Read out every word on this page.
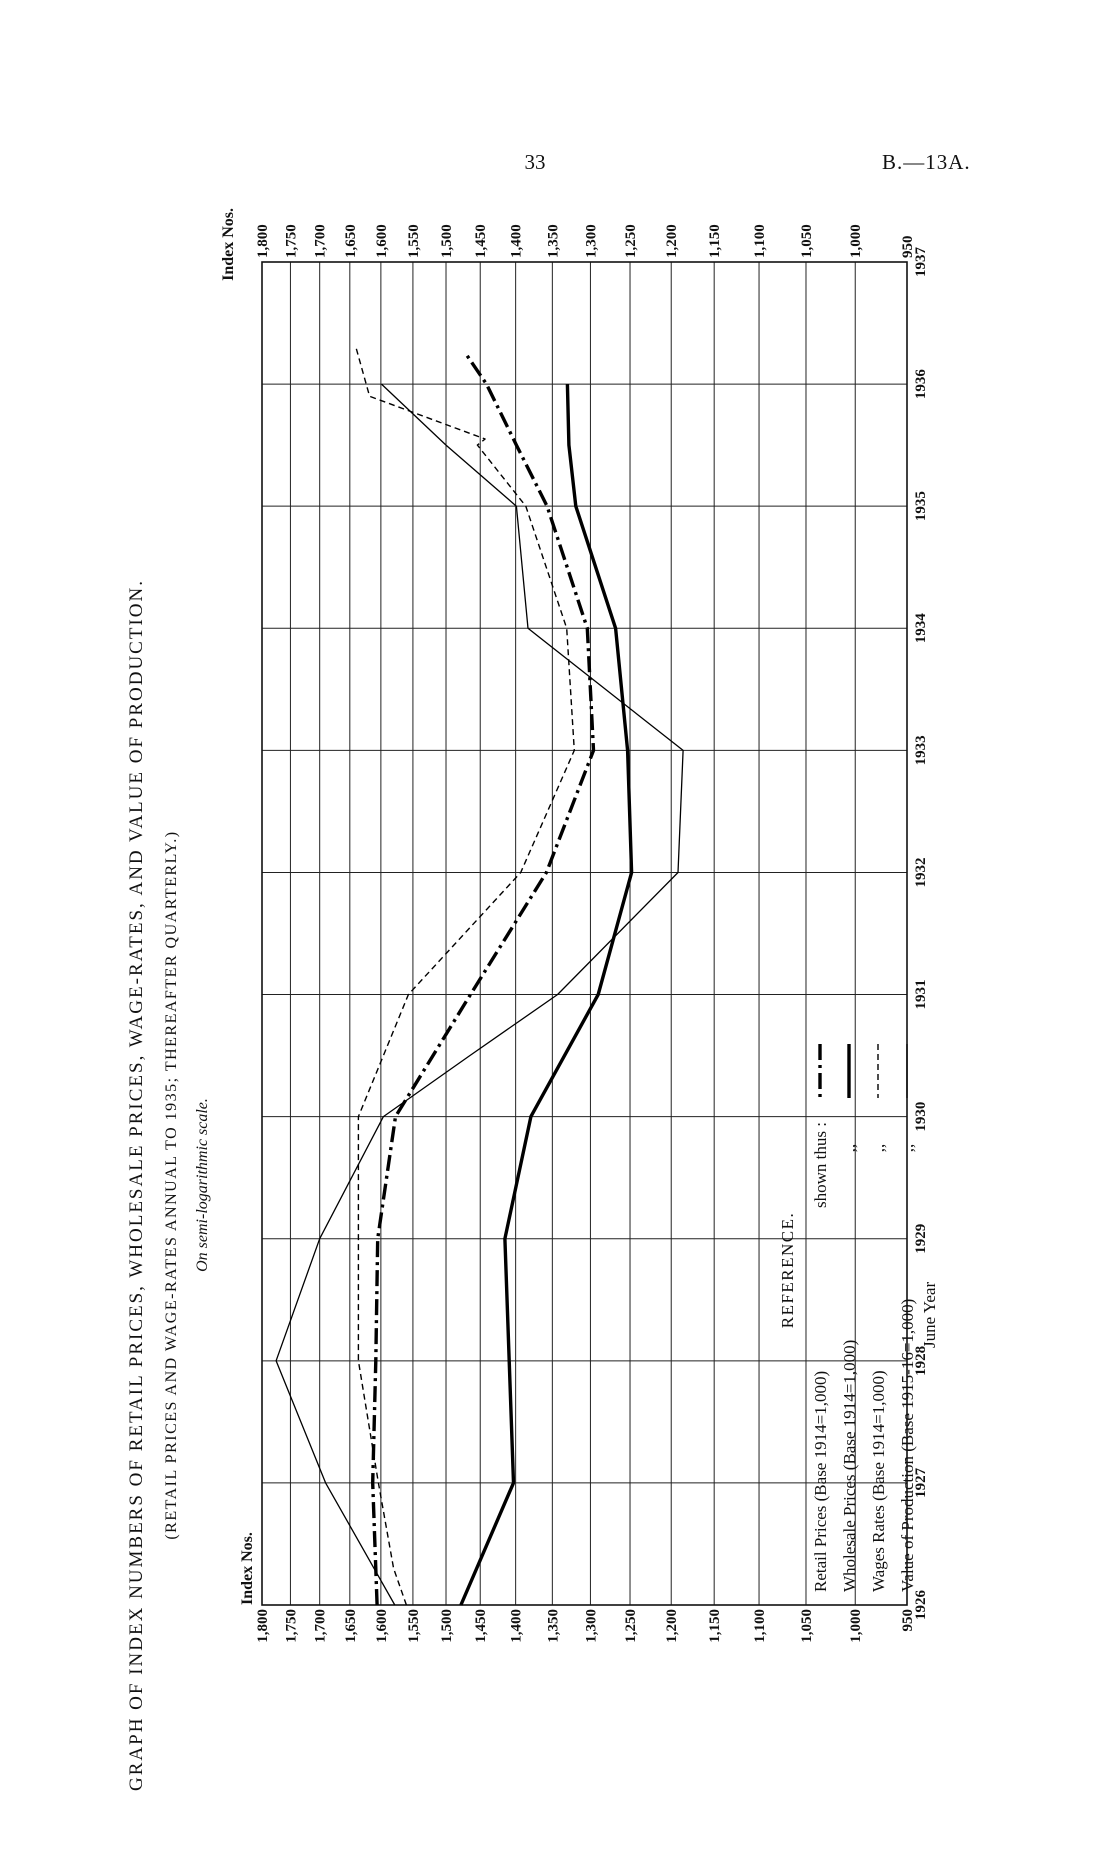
33	B.—13A.
GRAPH OF INDEX NUMBERS OF RETAIL PRICES, WHOLESALE PRICES, WAGE-RATES, AND VALUE OF PRODUCTION. (RETAIL PRICES AND WAGE-RATES ANNUAL TO 1935; THEREAFTER QUARTERLY.) On semi-logarithmic scale.
Index Nos.
Index Nos.
1926
1927
1928
1929
1930
1931
1932
1933
1934
1935
1936
1937
950
950
1,000
1,000
1,050
1,050
1,100
1,100
1,150
1,150
1,200
1,200
1,250
1,250
1,300
1,300
1,350
1,350
1,400
1,400
1,450
1,450
1,500
1,500
1,550
1,550
1,600
1,600
1,650
1,650
1,700
1,700
1,750
1,750
1,800
1,800
REFERENCE.
shown thus :
Retail Prices (Base 1914=1,000) Wholesale Prices (Base 1914=1,000)
,,
Wages Rates (Base 1914=1,000)
,,
Value of Production (Base 1915-16=1,000) June Year
,,
